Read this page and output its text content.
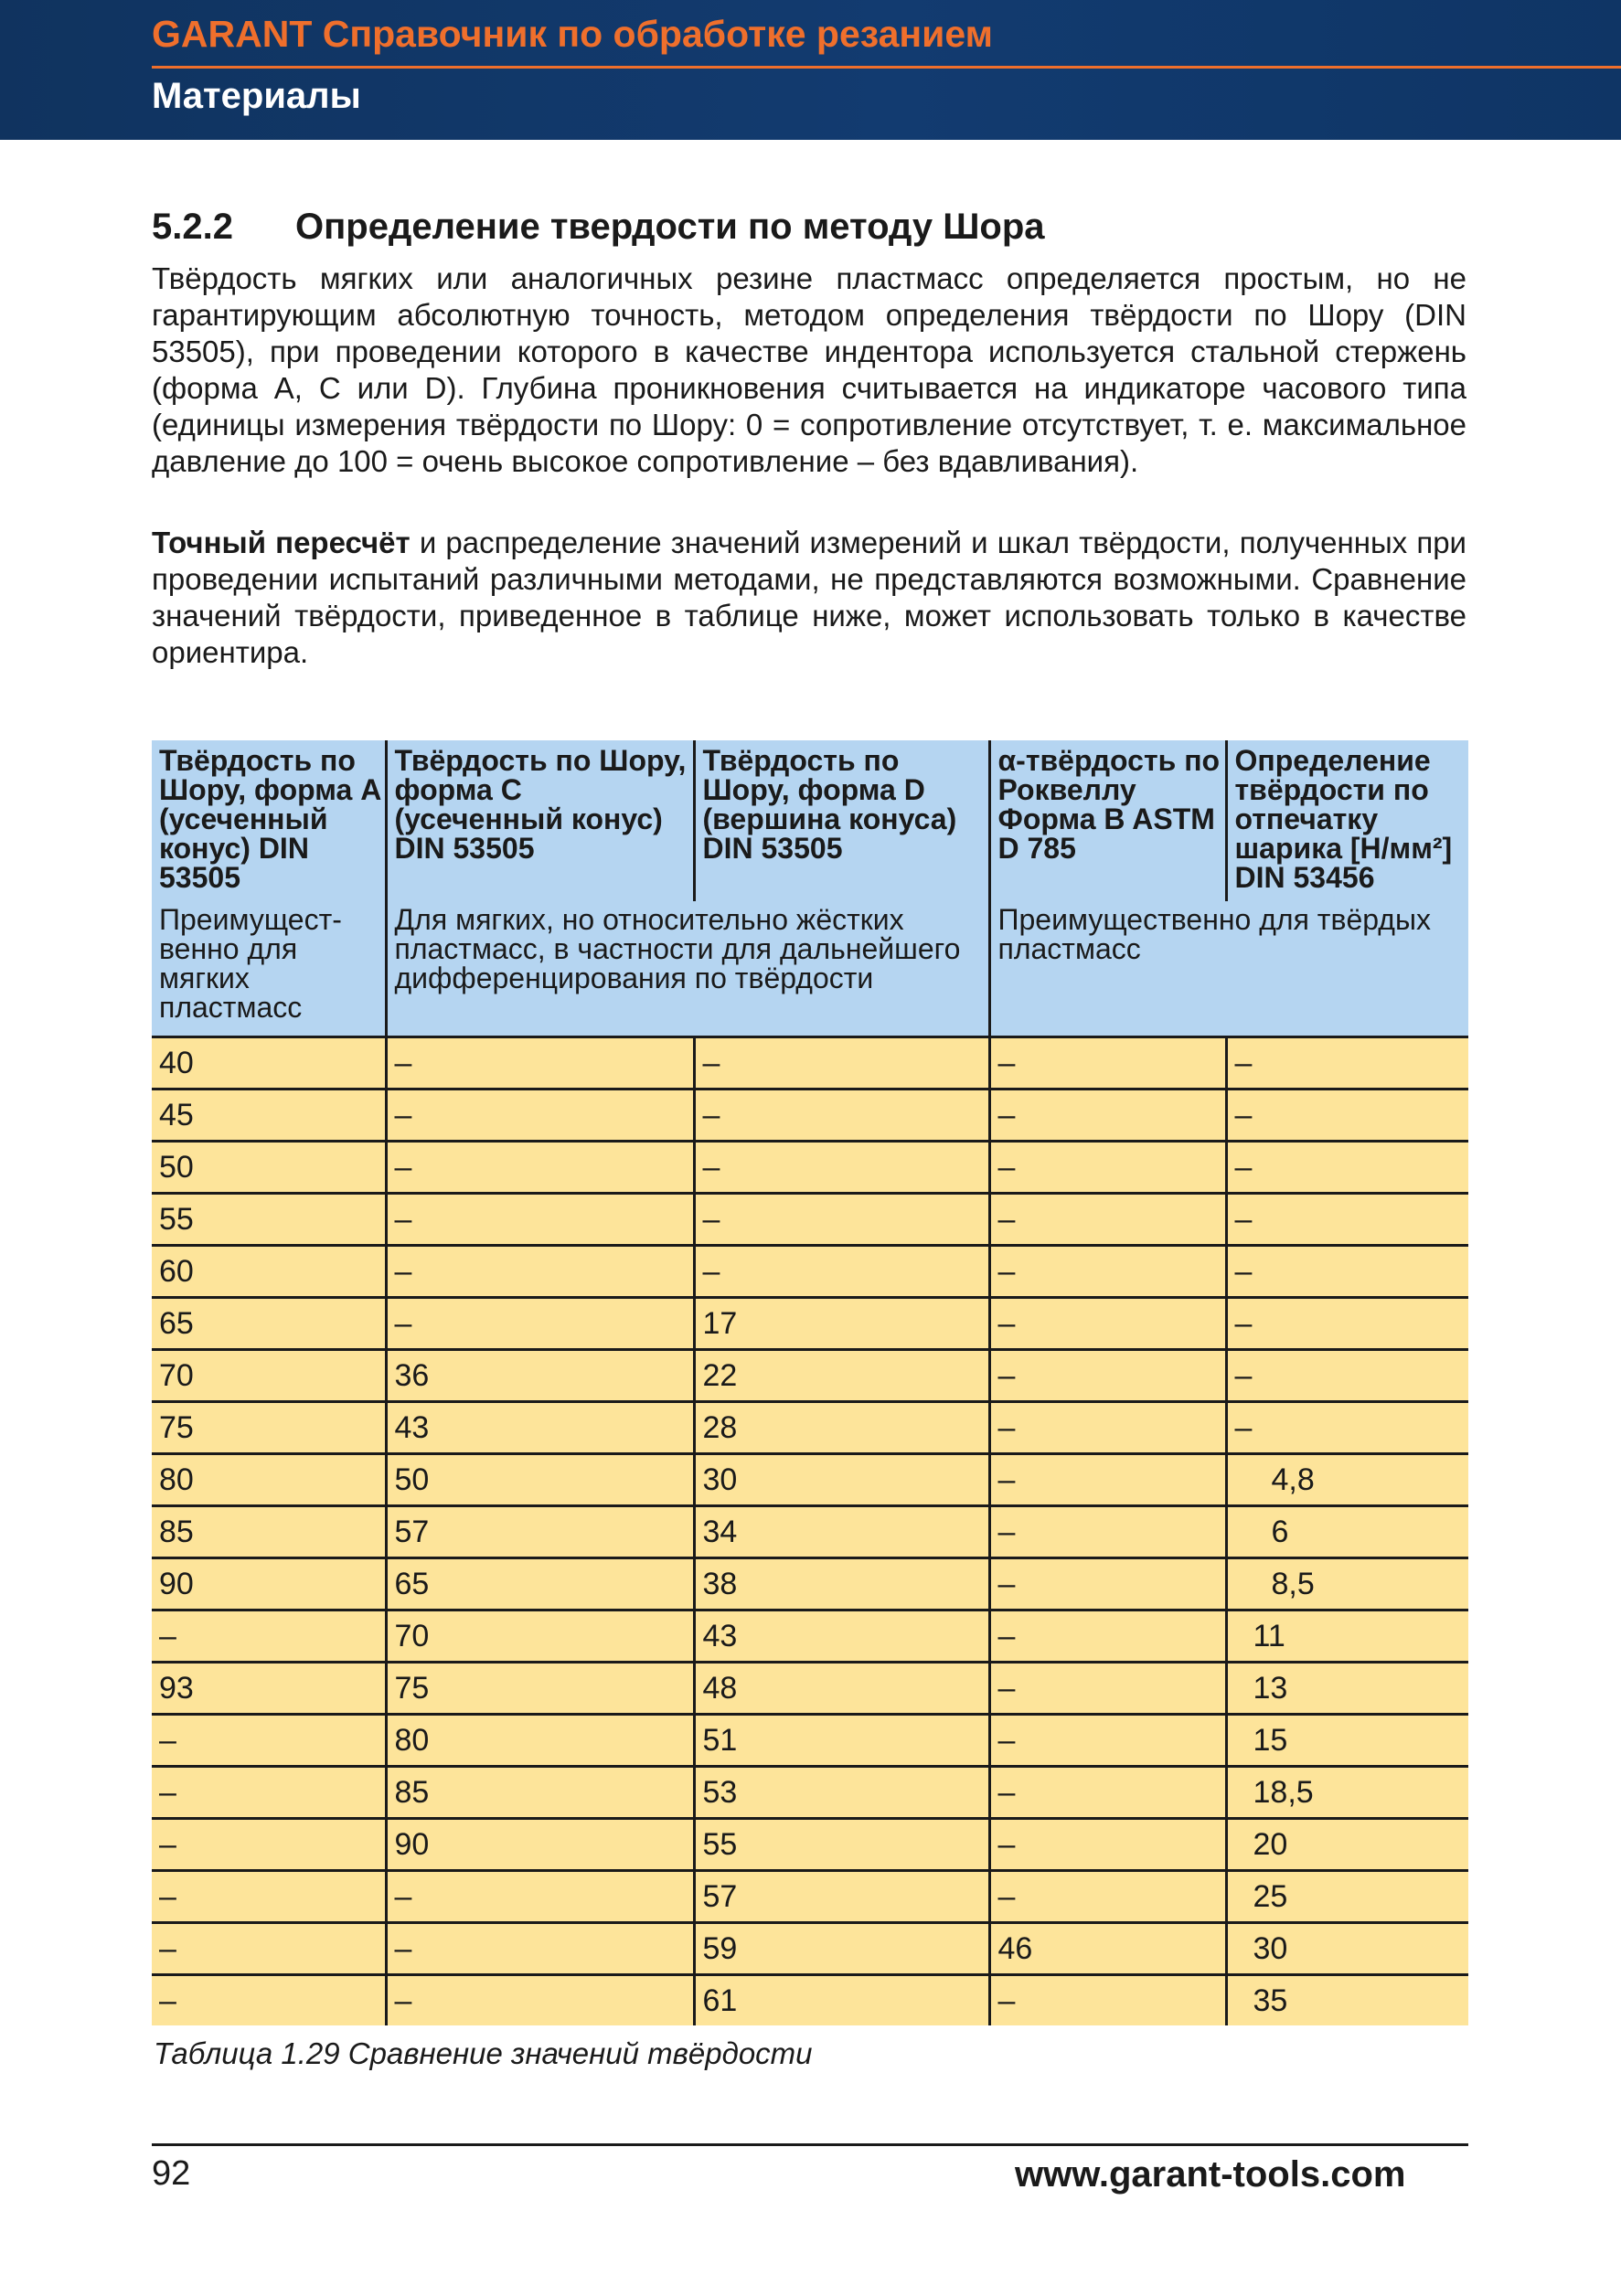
GARANT Справочник по обработке резанием
Материалы
5.2.2 Определение твердости по методу Шора

Твёрдость мягких или аналогичных резине пластмасс определяется простым, но не гарантирующим абсолютную точность, методом определения твёрдости по Шору (DIN 53505), при проведении которого в качестве индентора используется стальной стержень (форма A, C или D). Глубина проникновения считывается на индикаторе часового типа (единицы измерения твёрдости по Шору: 0 = сопротивление отсутствует, т. е. максимальное давление до 100 = очень высокое сопротивление – без вдавливания).

Точный пересчёт и распределение значений измерений и шкал твёрдости, полученных при проведении испытаний различными методами, не представляются возможными. Сравнение значений твёрдости, приведенное в таблице ниже, может использовать только в качестве ориентира.

Твёрдость по Шору, форма A (усеченный конус) DIN 53505	Твёрдость по Шору, форма C (усеченный конус) DIN 53505	Твёрдость по Шору, форма D (вершина конуса) DIN 53505	α-твёрдость по Роквеллу Форма B ASTM D 785	Определение твёрдости по отпечатку шарика [Н/мм²] DIN 53456
Преимущест-венно для мягких пластмасс	Для мягких, но относительно жёстких пластмасс, в частности для дальнейшего дифференцирования по твёрдости		Преимущественно для твёрдых пластмасс	
40	–	–	–	–
45	–	–	–	–
50	–	–	–	–
55	–	–	–	–
60	–	–	–	–
65	–	17	–	–
70	36	22	–	–
75	43	28	–	–
80	50	30	–	4,8
85	57	34	–	6
90	65	38	–	8,5
–	70	43	–	11
93	75	48	–	13
–	80	51	–	15
–	85	53	–	18,5
–	90	55	–	20
–	–	57	–	25
–	–	59	46	30
–	–	61	–	35
Таблица 1.29 Сравнение значений твёрдости
92	www.garant-tools.com
